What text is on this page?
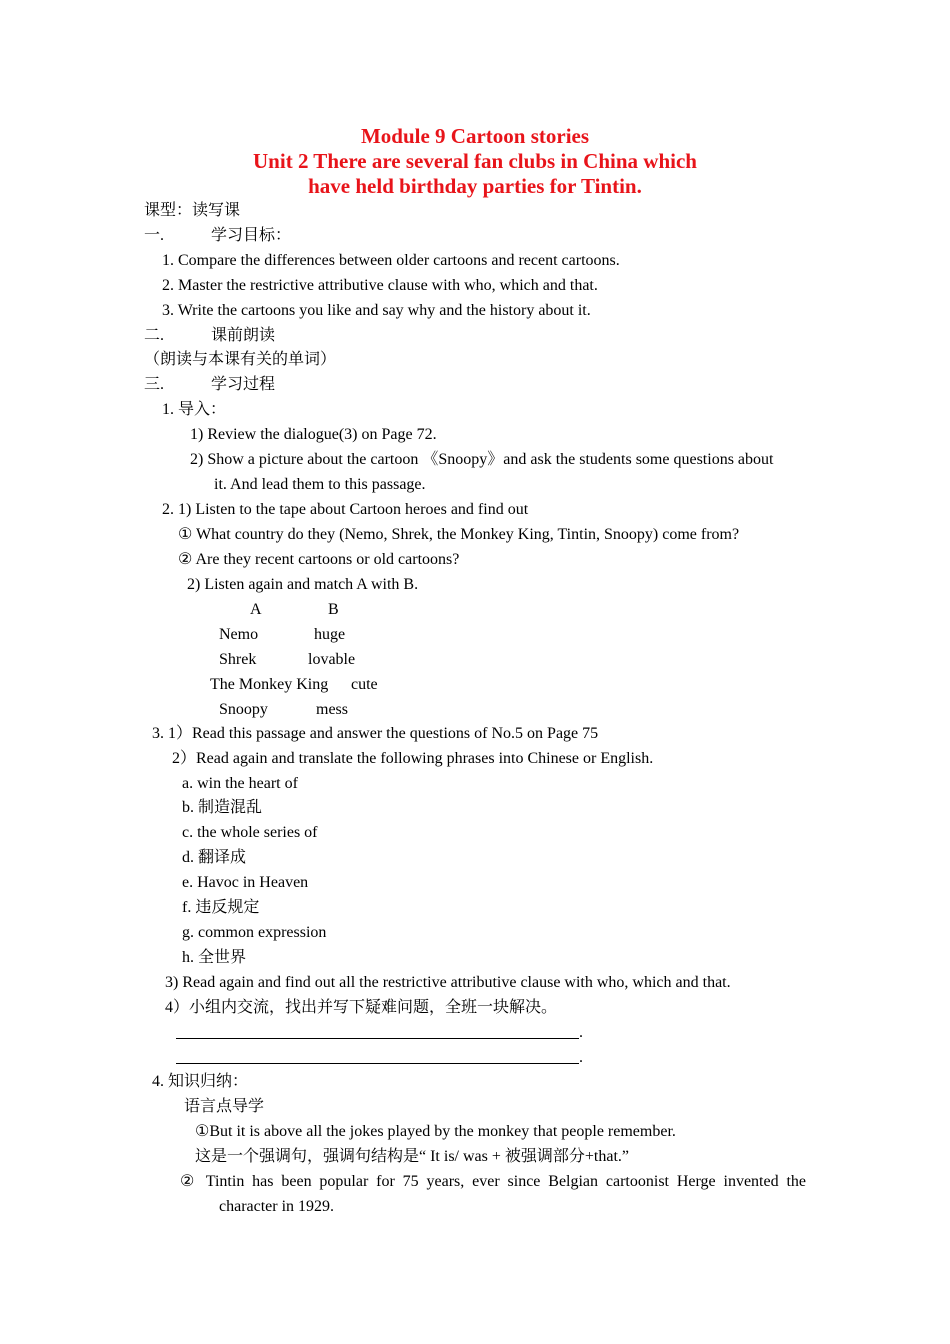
Module 9 Cartoon stories
Unit 2 There are several fan clubs in China which
have held birthday parties for Tintin.
课型：读写课
一.	学习目标：
1. Compare the differences between older cartoons and recent cartoons.
2. Master the restrictive attributive clause with who, which and that.
3. Write the cartoons you like and say why and the history about it.
二.	课前朗读
（朗读与本课有关的单词）
三.	学习过程
1. 导入：
1) Review the dialogue(3) on Page 72.
2) Show a picture about the cartoon 《Snoopy》and ask the students some questions about
it. And lead them to this passage.
2. 1) Listen to the tape about Cartoon heroes and find out
① What country do they (Nemo, Shrek, the Monkey King, Tintin, Snoopy) come from?
② Are they recent cartoons or old cartoons?
2) Listen again and match A with B.
A	B
Nemo	huge
Shrek	lovable
The Monkey King cute
Snoopy	mess
3. 1）Read this passage and answer the questions of No.5 on Page 75
2）Read again and translate the following phrases into Chinese or English.
a. win the heart of
b. 制造混乱
c. the whole series of
d. 翻译成
e. Havoc in Heaven
f. 违反规定
g. common expression
h. 全世界
3) Read again and find out all the restrictive attributive clause with who, which and that.
4）小组内交流，找出并写下疑难问题，全班一块解决。
.
.
4. 知识归纳：
语言点导学
①But it is above all the jokes played by the monkey that people remember.
这是一个强调句，强调句结构是“ It is/ was + 被强调部分+that.”
② Tintin has been popular for 75 years, ever since Belgian cartoonist Herge invented the
character in 1929.
